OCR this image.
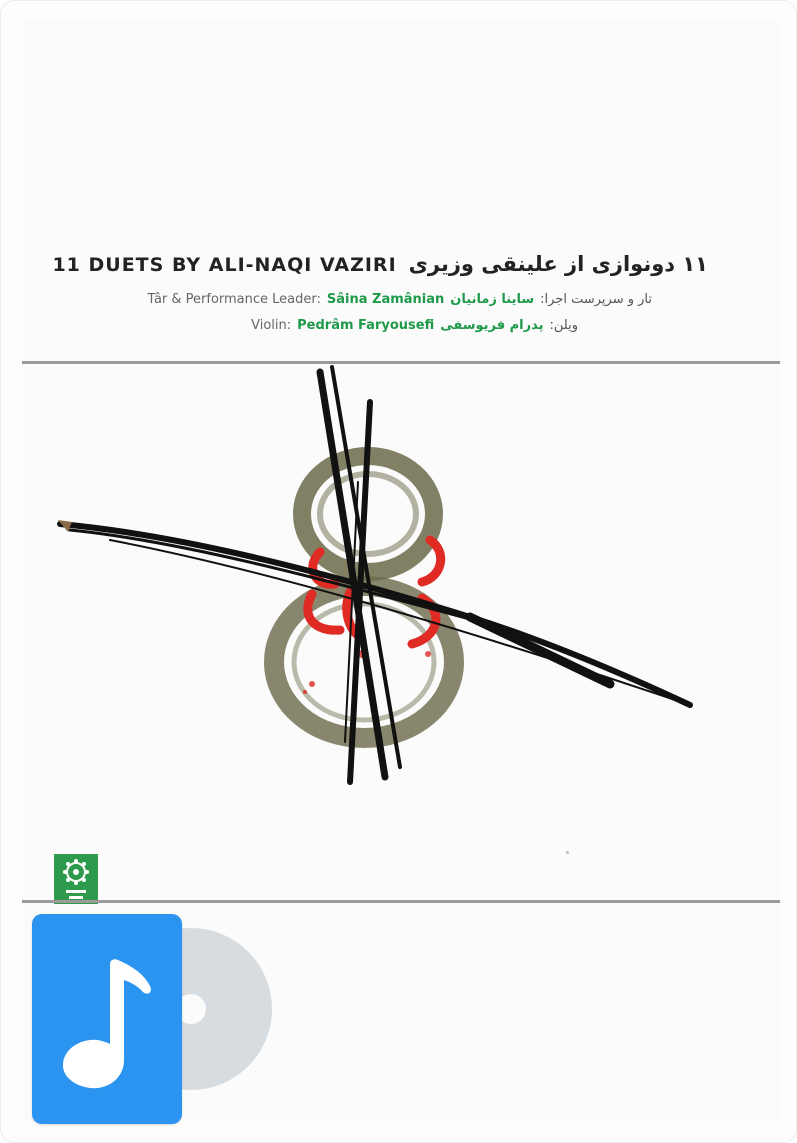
11 DUETS BY ALI-NAQI VAZIRI ۱۱ دونوازی از علینقی وزیری
Târ & Performance Leader: Sâina Zamânian ساینا زمانیان تار و سرپرست اجرا:
Violin: Pedrâm Faryousefi پدرام فریوسفی ویلن:
